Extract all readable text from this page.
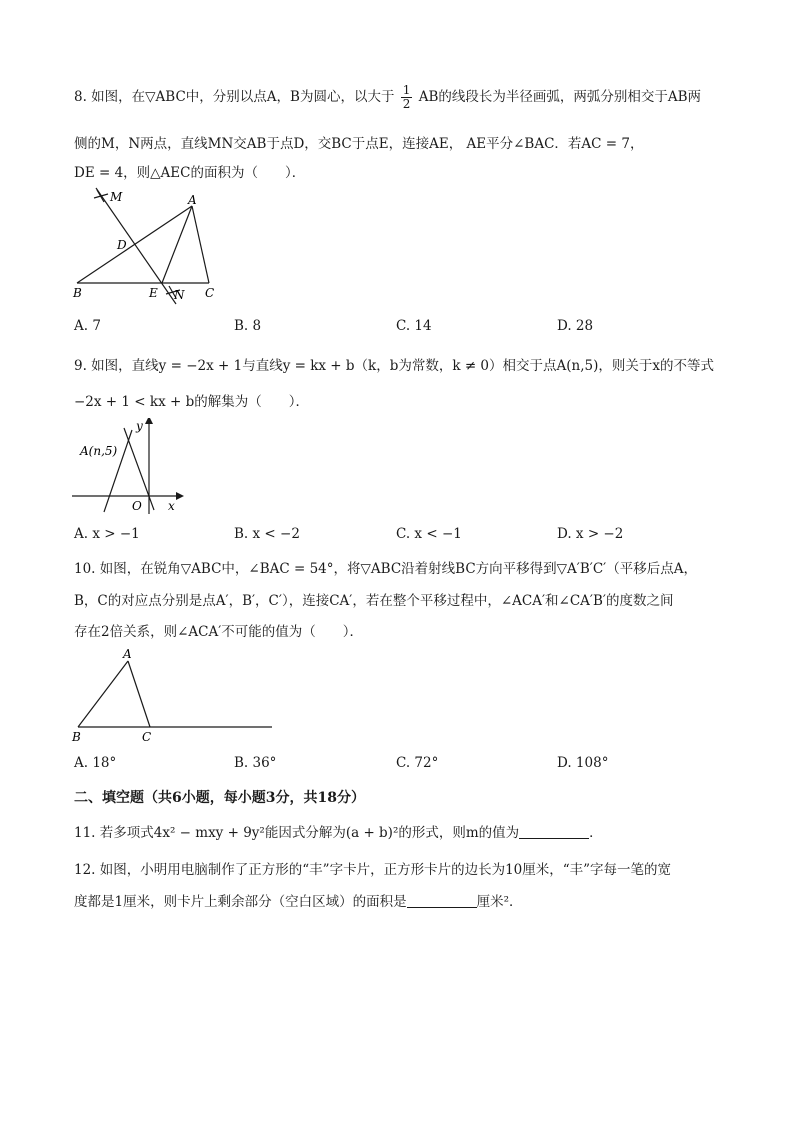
8. 如图，在▽ABC中，分别以点A，B为圆心，以大于 $\frac{1}{2}$ AB的线段长为半径画弧，两弧分别相交于AB两
侧的M，N两点，直线MN交AB于点D，交BC于点E，连接AE， AE平分∠BAC．若AC = 7，
DE = 4，则△AEC的面积为（　　）．
M	A
D
B	E N C
A. 7	B. 8	C. 14	D. 28
9. 如图，直线y = −2x + 1与直线y = kx + b（k，b为常数，k ≠ 0）相交于点A(n,5)，则关于x的不等式
−2x + 1 < kx + b的解集为（　　）．
A(n,5)
y
x
O
A. x > −1	B. x < −2	C. x < −1	D. x > −2
10. 如图，在锐角▽ABC中，∠BAC = 54°，将▽ABC沿着射线BC方向平移得到▽A′B′C′（平移后点A，
B，C的对应点分别是点A′，B′，C′），连接CA′，若在整个平移过程中，∠ACA′和∠CA′B′的度数之间
存在2倍关系，则∠ACA′不可能的值为（　　）．
A
B	C
A. 18°	B. 36°	C. 72°	D. 108°
二、填空题（共6小题，每小题3分，共18分）
11. 若多项式4x² − mxy + 9y²能因式分解为(a + b)²的形式，则m的值为	．
12. 如图，小明用电脑制作了正方形的“丰”字卡片，正方形卡片的边长为10厘米，“丰”字每一笔的宽
度都是1厘米，则卡片上剩余部分（空白区域）的面积是	厘米²．
